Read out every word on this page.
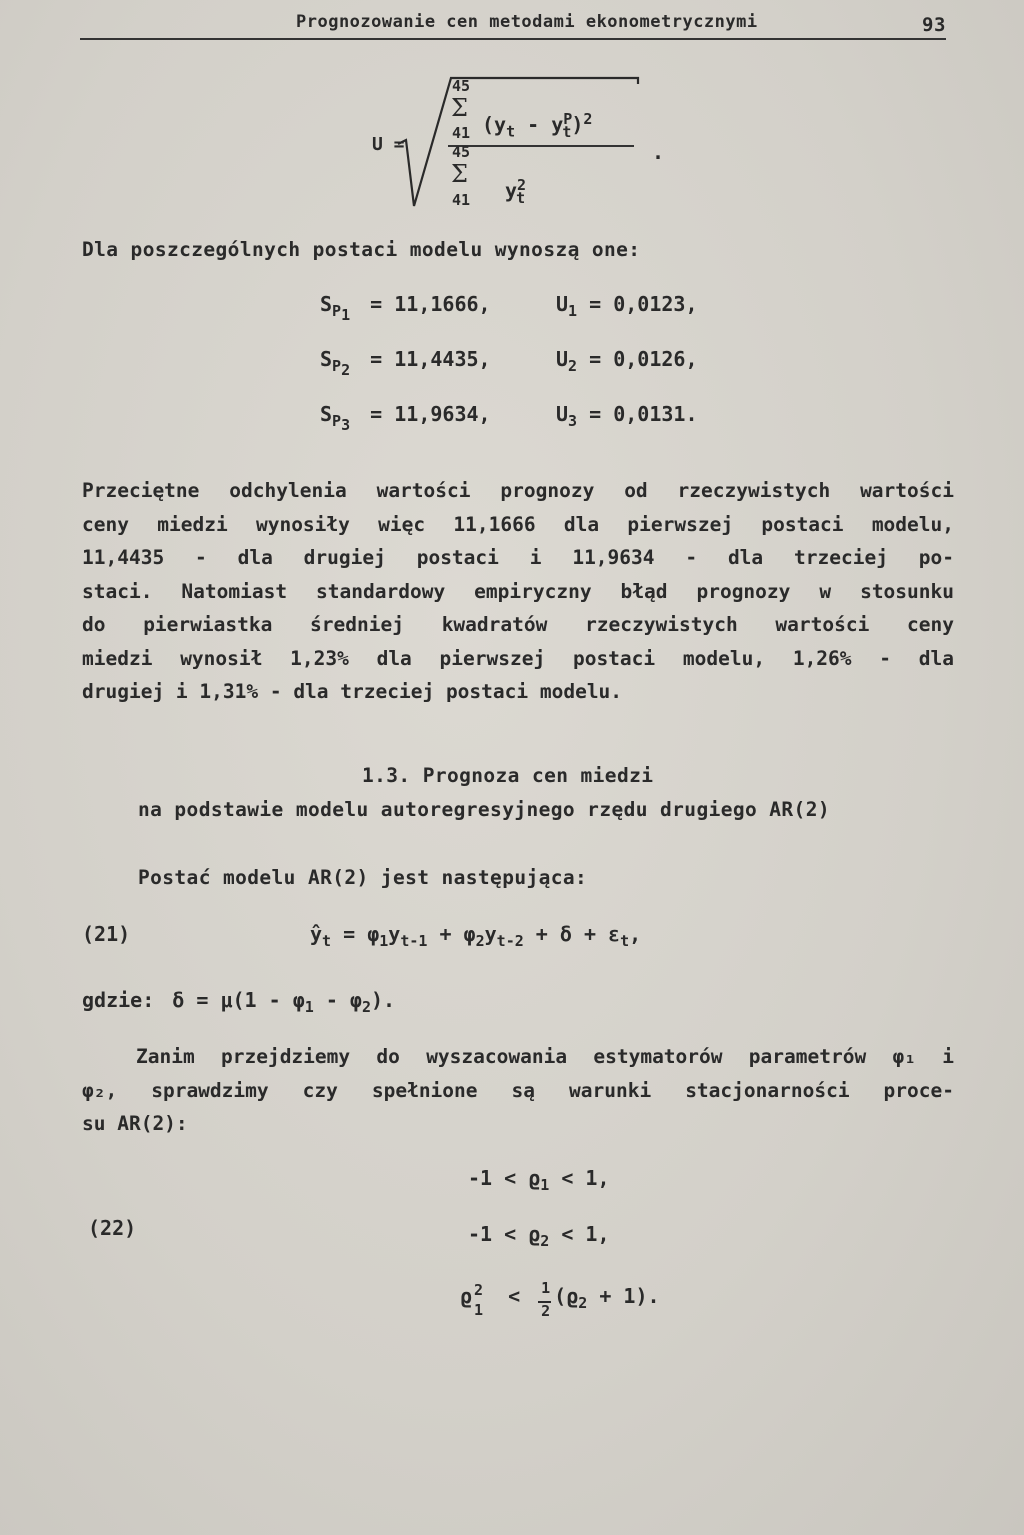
Prognozowanie cen metodami ekonometrycznymi	93
U =
45
Σ
41 $(y_t - y^P_t)^2$
45
Σ
41 $y^2_t$
.
Dla poszczególnych postaci modelu wynoszą one:
$S_{P_1} = 11,1666$,	$U_1 = 0,0123$,
$S_{P_2} = 11,4435$,	$U_2 = 0,0126$,
$S_{P_3} = 11,9634$,	$U_3 = 0,0131$.
Przeciętne odchylenia wartości prognozy od rzeczywistych wartości
ceny miedzi wynosiły więc 11,1666 dla pierwszej postaci modelu,
11,4435 - dla drugiej postaci i 11,9634 - dla trzeciej po-
staci. Natomiast standardowy empiryczny błąd prognozy w stosunku
do pierwiastka średniej kwadratów rzeczywistych wartości ceny
miedzi wynosił 1,23% dla pierwszej postaci modelu, 1,26% - dla
drugiej i 1,31% - dla trzeciej postaci modelu.
1.3. Prognoza cen miedzi
na podstawie modelu autoregresyjnego rzędu drugiego AR(2)
Postać modelu AR(2) jest następująca:
(21)	$ŷ_t = \varphi_1y_{t-1} + \varphi_2y_{t-2} + \delta + \varepsilon_t$,
gdzie: $\delta = \mu(1 - \varphi_1 - \varphi_2)$.
Zanim przejdziemy do wyszacowania estymatorów parametrów φ₁ i
φ₂, sprawdzimy czy spełnione są warunki stacjonarności proce-
su AR(2):
(22)
$-1 < ϱ_1 < 1$,
$-1 < ϱ_2 < 1$,
ϱ 2
1
< $\frac{1}{2} (ϱ_2 + 1)$.
